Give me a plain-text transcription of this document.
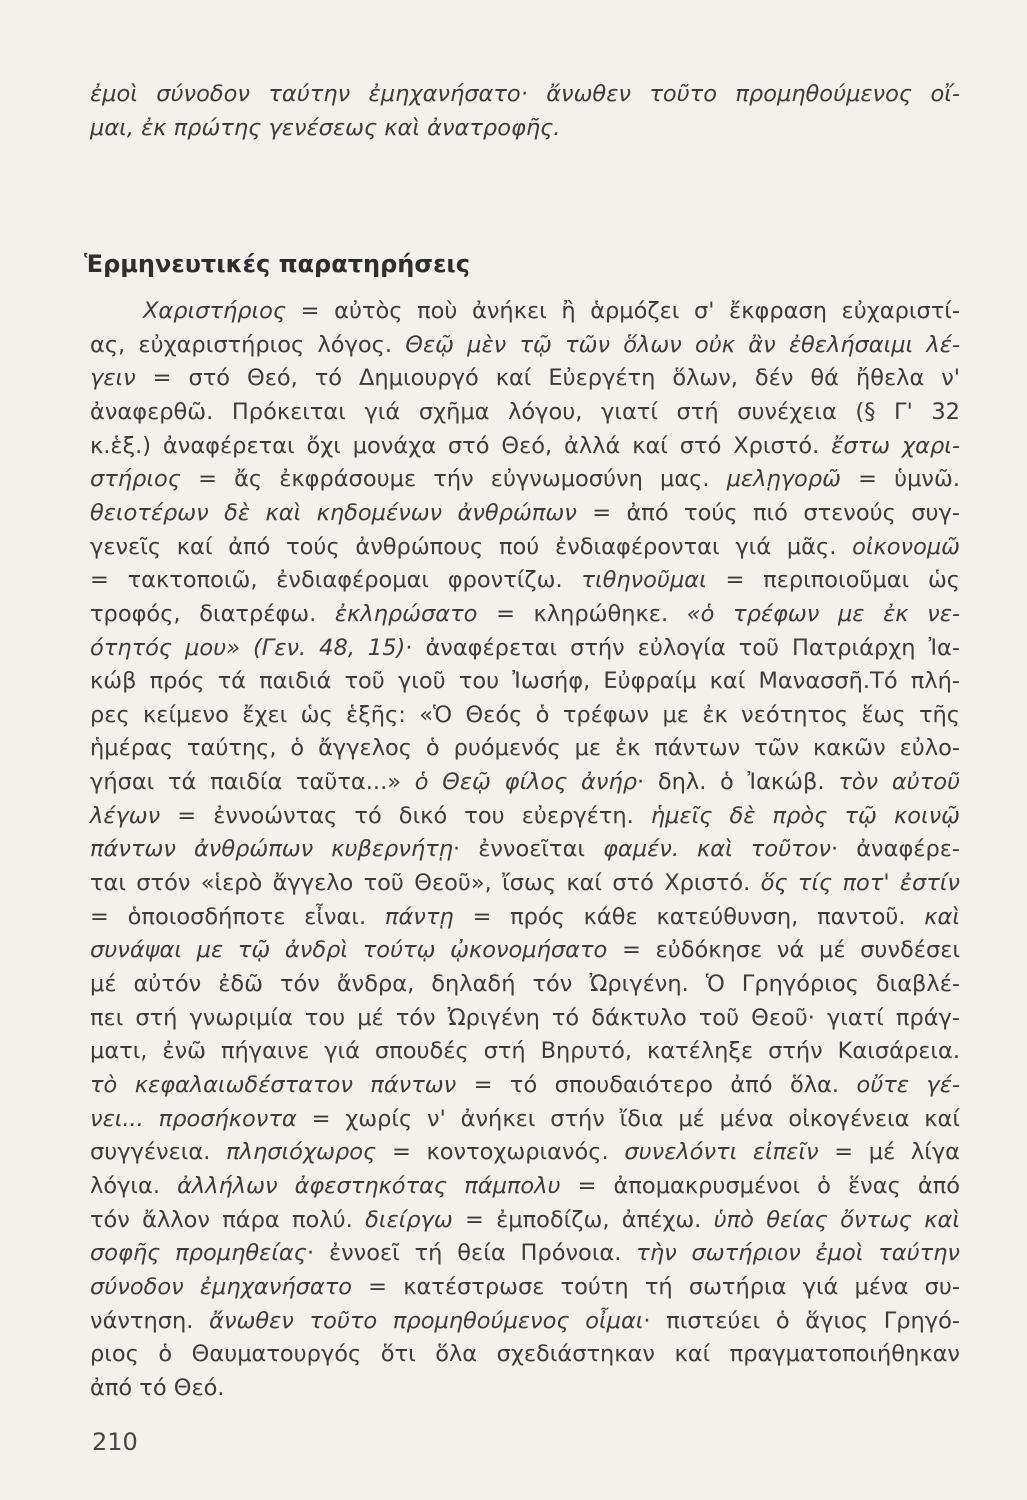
ἐμοὶ σύνοδον ταύτην ἐμηχανήσατο· ἄνωθεν τοῦτο προμηθούμενος οἴ-
μαι, ἐκ πρώτης γενέσεως καὶ ἀνατροφῆς.
Ἑρμηνευτικές παρατηρήσεις
Χαριστήριος = αὐτὸς ποὺ ἀνήκει ἢ ἁρμόζει σ' ἔκφραση εὐχαριστί-
ας, εὐχαριστήριος λόγος. Θεῷ μὲν τῷ τῶν ὅλων οὐκ ἂν ἐθελήσαιμι λέ-
γειν = στό Θεό, τό Δημιουργό καί Εὐεργέτη ὅλων, δέν θά ἤθελα ν'
ἀναφερθῶ. Πρόκειται γιά σχῆμα λόγου, γιατί στή συνέχεια (§ Γ' 32
κ.ἑξ.) ἀναφέρεται ὄχι μονάχα στό Θεό, ἀλλά καί στό Χριστό. ἔστω χαρι-
στήριος = ἄς ἐκφράσουμε τήν εὐγνωμοσύνη μας. μελῃγορῶ = ὑμνῶ.
θειοτέρων δὲ καὶ κηδομένων ἀνθρώπων = ἀπό τούς πιό στενούς συγ-
γενεῖς καί ἀπό τούς ἀνθρώπους πού ἐνδιαφέρονται γιά μᾶς. οἰκονομῶ
= τακτοποιῶ, ἐνδιαφέρομαι φροντίζω. τιθηνοῦμαι = περιποιοῦμαι ὡς
τροφός, διατρέφω. ἐκληρώσατο = κληρώθηκε. «ὁ τρέφων με ἐκ νε-
ότητός μου» (Γεν. 48, 15)· ἀναφέρεται στήν εὐλογία τοῦ Πατριάρχη Ἰα-
κώβ πρός τά παιδιά τοῦ γιοῦ του Ἰωσήφ, Εὐφραίμ καί Μανασσῆ.Τό πλή-
ρες κείμενο ἔχει ὡς ἑξῆς: «Ὁ Θεός ὁ τρέφων με ἐκ νεότητος ἕως τῆς
ἡμέρας ταύτης, ὁ ἄγγελος ὁ ρυόμενός με ἐκ πάντων τῶν κακῶν εὐλο-
γήσαι τά παιδία ταῦτα...» ὁ Θεῷ φίλος ἀνήρ· δηλ. ὁ Ἰακώβ. τὸν αὐτοῦ
λέγων = ἐννοώντας τό δικό του εὐεργέτη. ἡμεῖς δὲ πρὸς τῷ κοινῷ
πάντων ἀνθρώπων κυβερνήτῃ· ἐννοεῖται φαμέν. καὶ τοῦτον· ἀναφέρε-
ται στόν «ἱερὸ ἄγγελο τοῦ Θεοῦ», ἴσως καί στό Χριστό. ὅς τίς ποτ' ἐστίν
= ὁποιοσδήποτε εἶναι. πάντῃ = πρός κάθε κατεύθυνση, παντοῦ. καὶ
συνάψαι με τῷ ἀνδρὶ τούτῳ ᾠκονομήσατο = εὐδόκησε νά μέ συνδέσει
μέ αὐτόν ἐδῶ τόν ἄνδρα, δηλαδή τόν Ὠριγένη. Ὁ Γρηγόριος διαβλέ-
πει στή γνωριμία του μέ τόν Ὠριγένη τό δάκτυλο τοῦ Θεοῦ· γιατί πράγ-
ματι, ἐνῶ πήγαινε γιά σπουδές στή Βηρυτό, κατέληξε στήν Καισάρεια.
τὸ κεφαλαιωδέστατον πάντων = τό σπουδαιότερο ἀπό ὅλα. οὔτε γέ-
νει... προσήκοντα = χωρίς ν' ἀνήκει στήν ἴδια μέ μένα οἰκογένεια καί
συγγένεια. πλησιόχωρος = κοντοχωριανός. συνελόντι εἰπεῖν = μέ λίγα
λόγια. ἀλλήλων ἀφεστηκότας πάμπολυ = ἀπομακρυσμένοι ὁ ἕνας ἀπό
τόν ἄλλον πάρα πολύ. διείργω = ἐμποδίζω, ἀπέχω. ὑπὸ θείας ὄντως καὶ
σοφῆς προμηθείας· ἐννοεῖ τή θεία Πρόνοια. τὴν σωτήριον ἐμοὶ ταύτην
σύνοδον ἐμηχανήσατο = κατέστρωσε τούτη τή σωτήρια γιά μένα συ-
νάντηση. ἄνωθεν τοῦτο προμηθούμενος οἶμαι· πιστεύει ὁ ἅγιος Γρηγό-
ριος ὁ Θαυματουργός ὅτι ὅλα σχεδιάστηκαν καί πραγματοποιήθηκαν
ἀπό τό Θεό.
210
